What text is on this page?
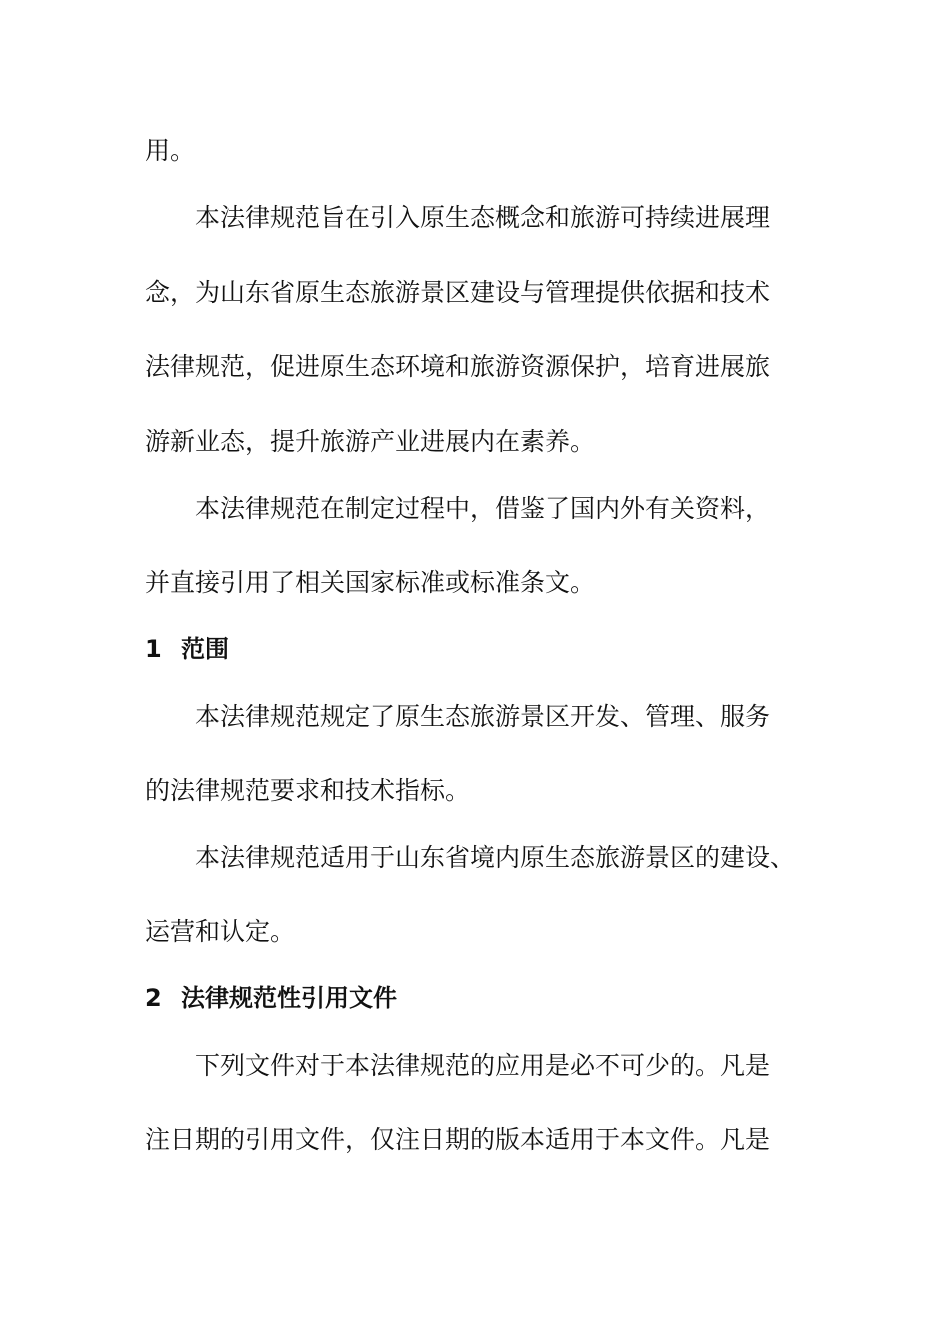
用。
本法律规范旨在引入原生态概念和旅游可持续进展理
念，为山东省原生态旅游景区建设与管理提供依据和技术
法律规范，促进原生态环境和旅游资源保护，培育进展旅
游新业态，提升旅游产业进展内在素养。
本法律规范在制定过程中，借鉴了国内外有关资料，
并直接引用了相关国家标准或标准条文。
1 范围
本法律规范规定了原生态旅游景区开发、管理、服务
的法律规范要求和技术指标。
本法律规范适用于山东省境内原生态旅游景区的建设、
运营和认定。
2 法律规范性引用文件
下列文件对于本法律规范的应用是必不可少的。凡是
注日期的引用文件，仅注日期的版本适用于本文件。凡是
